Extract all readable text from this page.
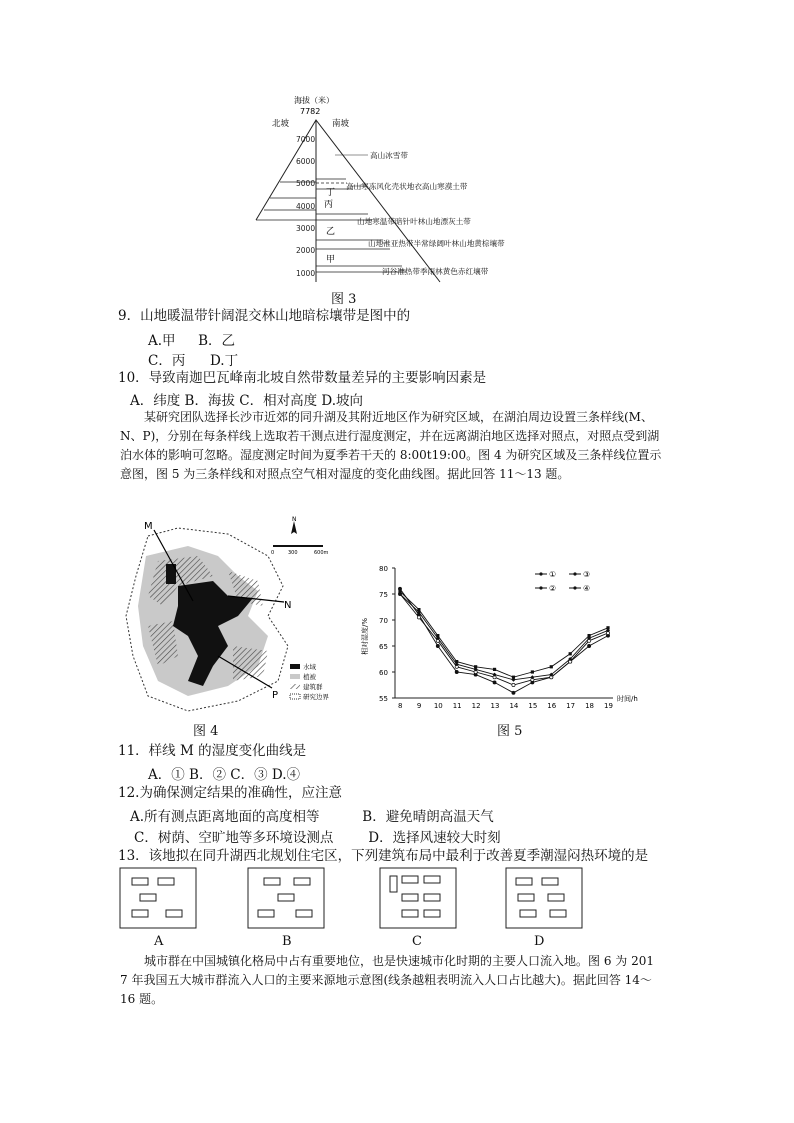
海拔（米）
7782
北坡	南坡
7000
6000
5000
4000
3000
2000
1000
丁
丙
乙
甲
高山冰雪带
高山寒冻风化壳状地衣高山寒漠土带
山地寒温带暗针叶林山地漂灰土带
山地准亚热带半常绿阔叶林山地黄棕壤带
河谷准热带季雨林黄色赤红壤带
图 3
9．山地暖温带针阔混交林山地暗棕壤带是图中的
A.甲 B．乙
C．丙 D.丁
10．导致南迦巴瓦峰南北坡自然带数量差异的主要影响因素是
A．纬度 B．海拔 C．相对高度 D.坡向
某研究团队选择长沙市近郊的同升湖及其附近地区作为研究区域，在湖泊周边设置三条样线(M、N、P)，分别在每条样线上选取若干测点进行湿度测定，并在远离湖泊地区选择对照点，对照点受到湖泊水体的影响可忽略。湿度测定时间为夏季若干天的 8:00t19:00。图 4 为研究区域及三条样线位置示意图，图 5 为三条样线和对照点空气相对湿度的变化曲线图。据此回答 11～13 题。
M
N
P
N
0	300	600m
水域
植被
建筑群
研究边界
图 4
55
60
65
70
75
80
8 9 10 11 12 13 14 15 16 17 18 19
相对湿度/%
时间/h
①
②
③
④
图 5
11．样线 M 的湿度变化曲线是
A．① B．② C．③ D.④
12.为确保测定结果的准确性，应注意
A.所有测点距离地面的高度相等	B．避免晴朗高温天气
C．树荫、空旷地等多环境设测点	D．选择风速较大时刻
13．该地拟在同升湖西北规划住宅区，下列建筑布局中最利于改善夏季潮湿闷热环境的是
A	B	C	D
城市群在中国城镇化格局中占有重要地位，也是快速城市化时期的主要人口流入地。图 6 为 201 7 年我国五大城市群流入人口的主要来源地示意图(线条越粗表明流入人口占比越大)。据此回答 14～16 题。
